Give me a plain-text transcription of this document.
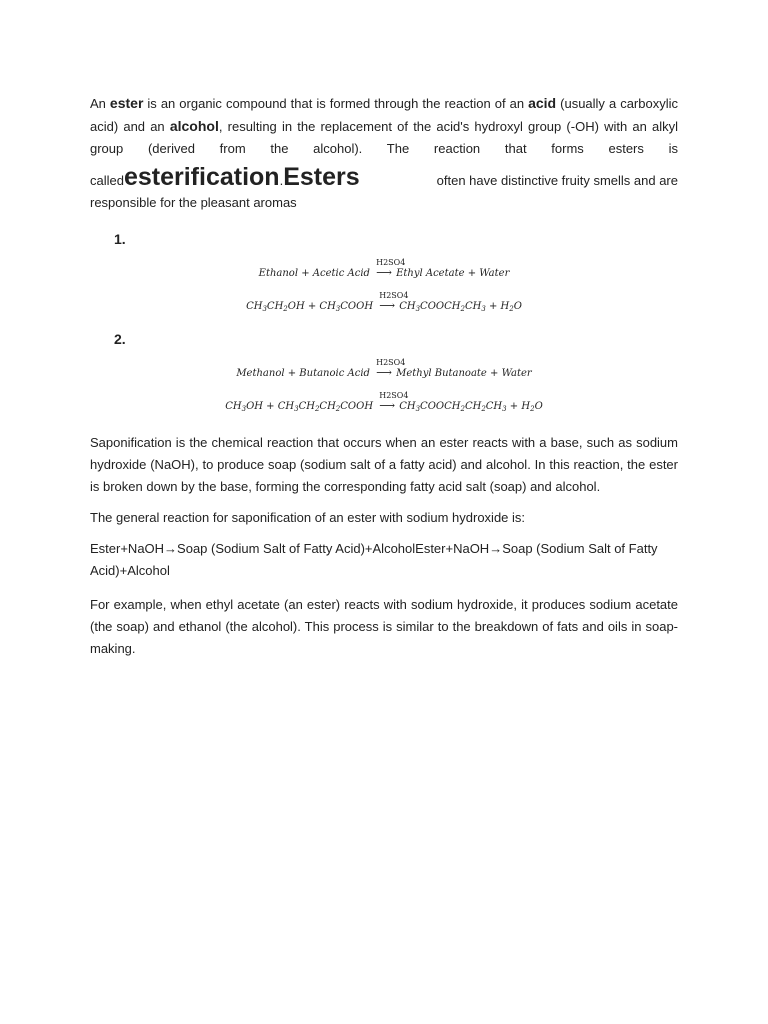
An ester is an organic compound that is formed through the reaction of an acid (usually a carboxylic acid) and an alcohol, resulting in the replacement of the acid's hydroxyl group (-OH) with an alkyl group (derived from the alcohol). The reaction that forms esters is

called esterification . Esters	often have distinctive fruity smells and are

responsible for the pleasant aromas

1.
Ethanol + Acetic Acid
H2SO4
⟶ Ethyl Acetate + Water
$CH_3CH_2OH$ + $CH_3COOH$
H2SO4
⟶ $CH_3COOCH_2CH_3 + H_2O$
2.
Methanol + Butanoic Acid
H2SO4
⟶ Methyl Butanoate + Water
$CH_3OH$ + $CH_3CH_2CH_2COOH$
H2SO4
⟶ $CH_3COOCH_2CH_2CH_3 + H_2O$

Saponification is the chemical reaction that occurs when an ester reacts with a base, such as sodium hydroxide (NaOH), to produce soap (sodium salt of a fatty acid) and alcohol. In this reaction, the ester is broken down by the base, forming the corresponding fatty acid salt (soap) and alcohol.

The general reaction for saponification of an ester with sodium hydroxide is:

Ester+NaOH→Soap (Sodium Salt of Fatty Acid)+AlcoholEster+NaOH→Soap (Sodium Salt of Fatty Acid)+Alcohol

For example, when ethyl acetate (an ester) reacts with sodium hydroxide, it produces sodium acetate (the soap) and ethanol (the alcohol). This process is similar to the breakdown of fats and oils in soap-making.
